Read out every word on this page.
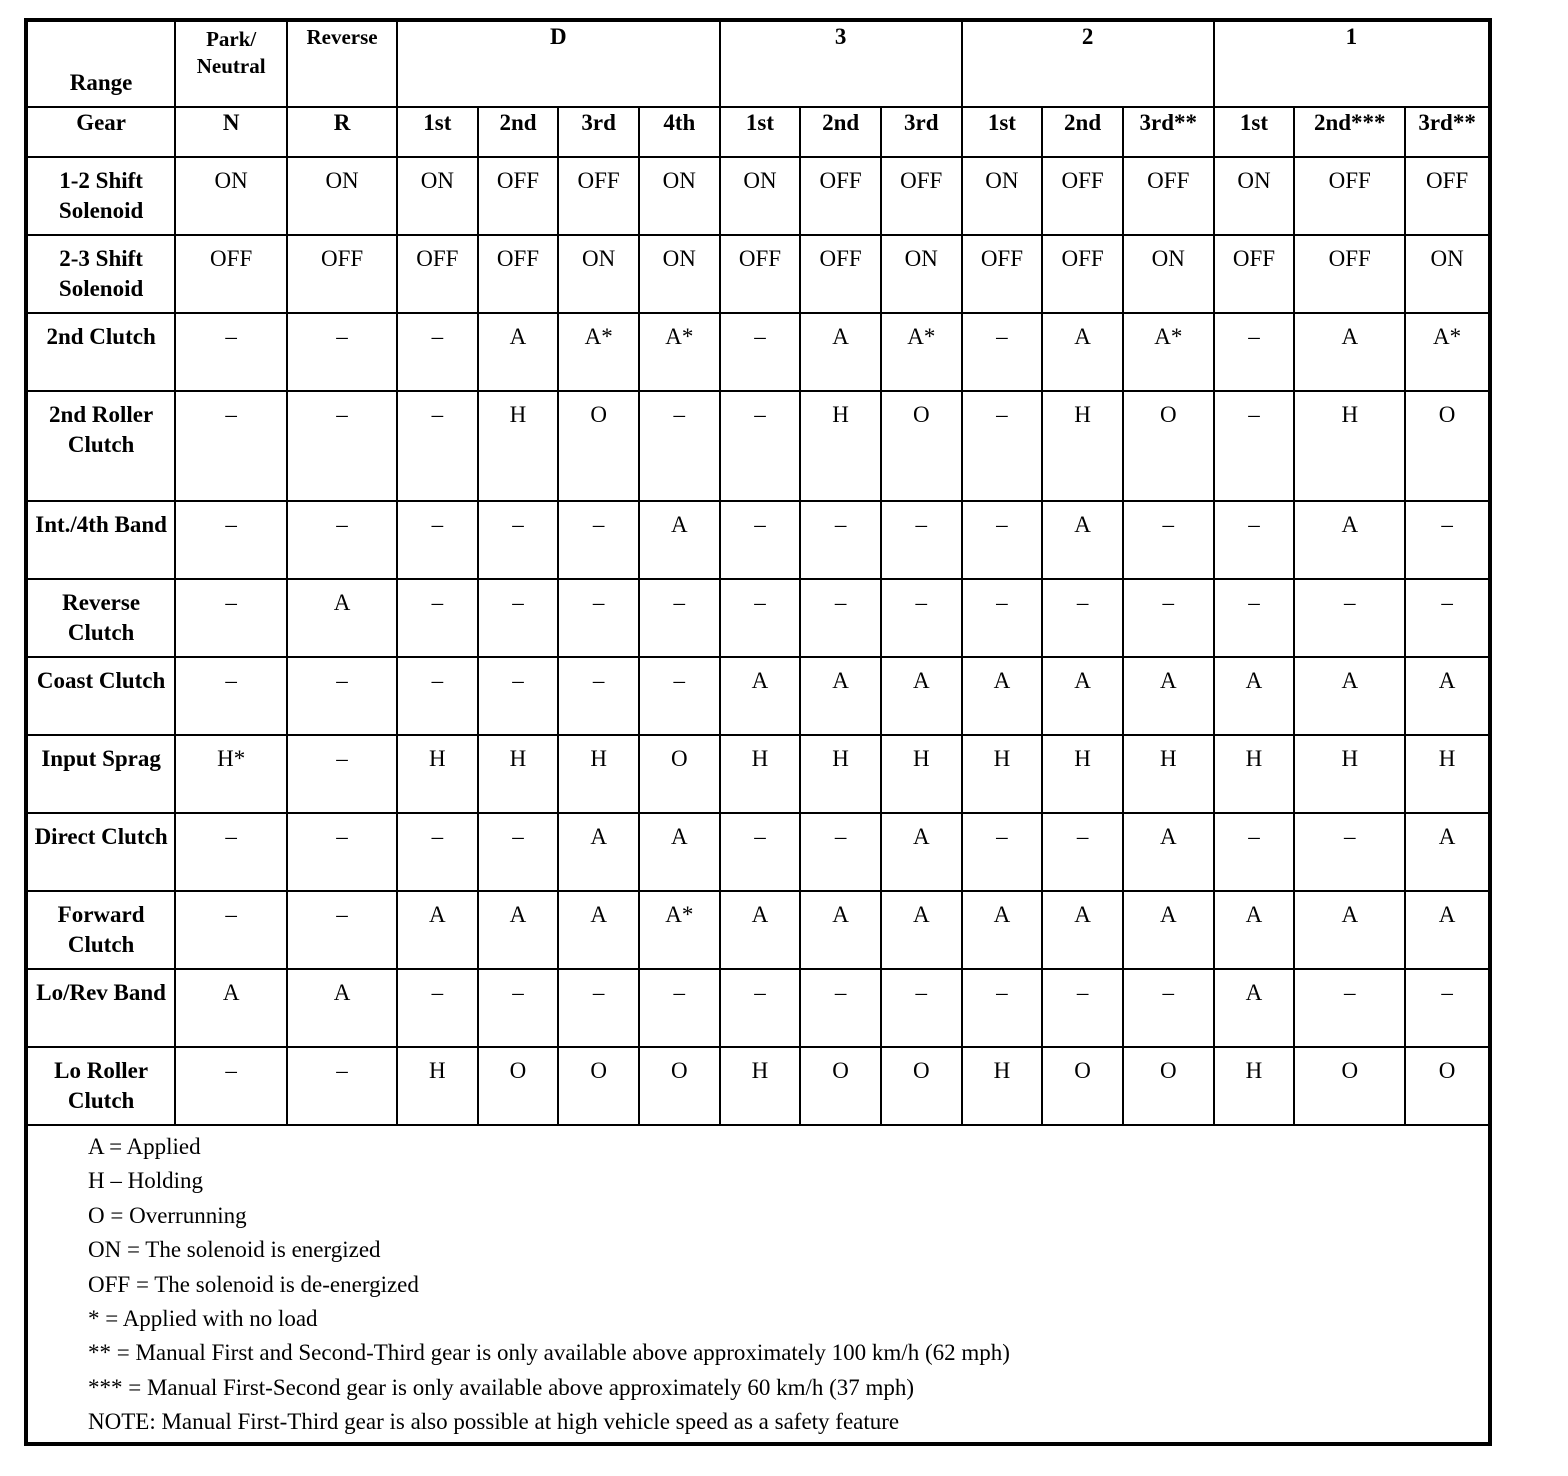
Range	Park/ Neutral	Reverse	D				3			2			1		
Gear	N	R	1st	2nd	3rd	4th	1st	2nd	3rd	1st	2nd	3rd**	1st	2nd***	3rd**
1-2 Shift Solenoid	ON	ON	ON	OFF	OFF	ON	ON	OFF	OFF	ON	OFF	OFF	ON	OFF	OFF
2-3 Shift Solenoid	OFF	OFF	OFF	OFF	ON	ON	OFF	OFF	ON	OFF	OFF	ON	OFF	OFF	ON
2nd Clutch	–	–	–	A	A*	A*	–	A	A*	–	A	A*	–	A	A*
2nd Roller Clutch	–	–	–	H	O	–	–	H	O	–	H	O	–	H	O
Int./4th Band	–	–	–	–	–	A	–	–	–	–	A	–	–	A	–
Reverse Clutch	–	A	–	–	–	–	–	–	–	–	–	–	–	–	–
Coast Clutch	–	–	–	–	–	–	A	A	A	A	A	A	A	A	A
Input Sprag	H*	–	H	H	H	O	H	H	H	H	H	H	H	H	H
Direct Clutch	–	–	–	–	A	A	–	–	A	–	–	A	–	–	A
Forward Clutch	–	–	A	A	A	A*	A	A	A	A	A	A	A	A	A
Lo/Rev Band	A	A	–	–	–	–	–	–	–	–	–	–	A	–	–
Lo Roller Clutch	–	–	H	O	O	O	H	O	O	H	O	O	H	O	O
A = Applied
H – Holding
O = Overrunning
ON = The solenoid is energized
OFF = The solenoid is de-energized
* = Applied with no load
** = Manual First and Second-Third gear is only available above approximately 100 km/h (62 mph)
*** = Manual First-Second gear is only available above approximately 60 km/h (37 mph)
NOTE: Manual First-Third gear is also possible at high vehicle speed as a safety feature
